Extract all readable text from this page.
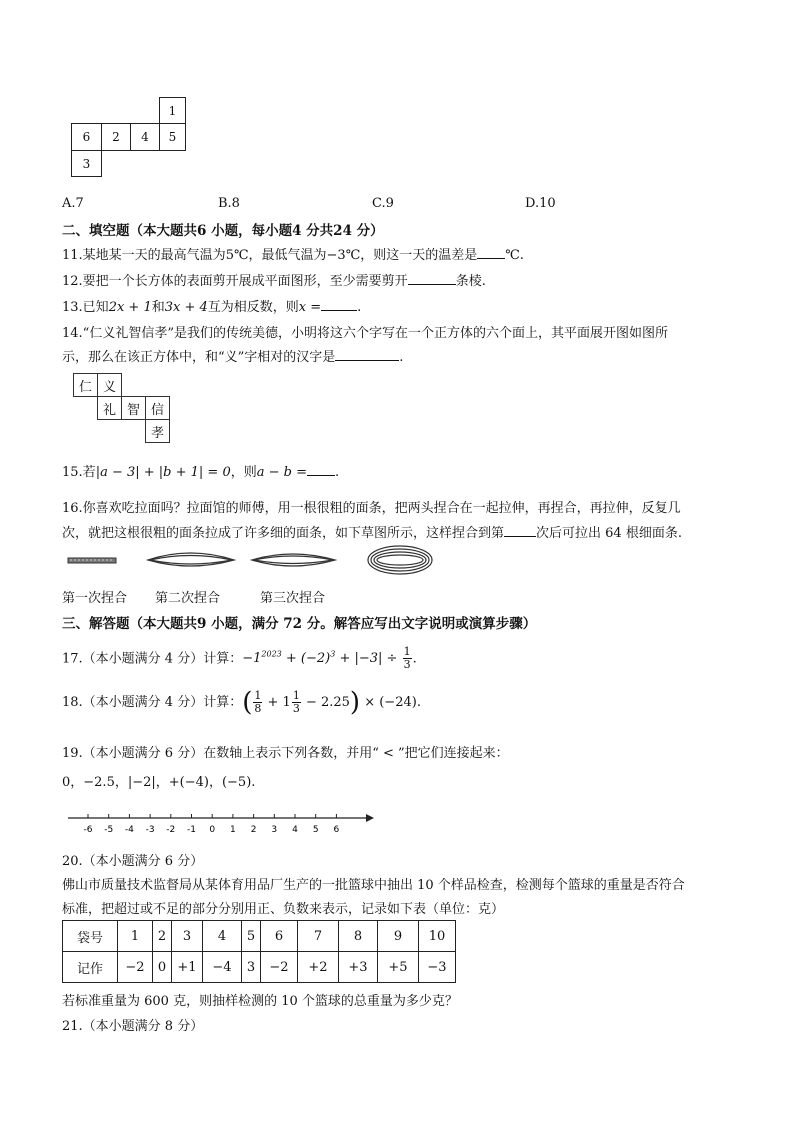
1
6	2	4	5
3
A.7	B.8	C.9	D.10
二、填空题（本大题共6 小题，每小题4 分共24 分）
11.某地某一天的最高气温为5℃，最低气温为−3℃，则这一天的温差是 ℃.
12.要把一个长方体的表面剪开展成平面图形，至少需要剪开	条棱.
13.已知2x + 1和3x + 4互为相反数，则x =	.
14.“仁义礼智信孝”是我们的传统美德，小明将这六个字写在一个正方体的六个面上，其平面展开图如图所
示，那么在该正方体中，和“义”字相对的汉字是	.
仁 义
礼 智 信
孝
15.若|a − 3| + |b + 1| = 0，则a − b = .
16.你喜欢吃拉面吗？拉面馆的师傅，用一根很粗的面条，把两头捏合在一起拉伸，再捏合，再拉伸，反复几
次，就把这根很粗的面条拉成了许多细的面条，如下草图所示，这样捏合到第 次后可拉出 64 根细面条.
第一次捏合 第二次捏合	第三次捏合
三、解答题（本大题共9 小题，满分 72 分。解答应写出文字说明或演算步骤）
17.（本小题满分 4 分）计算：$-1^{2023} + (-2)^3 + |-3| \div \frac{1}{3}$ .
18.（本小题满分 4 分）计算：( $\frac{1}{8} + 1 \frac{1}{3} - 2.25) \times (-24)$.
19.（本小题满分 6 分）在数轴上表示下列各数，并用“ < ”把它们连接起来：
0，−2.5，|−2|，+(−4)，(−5).
-6 -5 -4 -3 -2 -1 0 1 2 3 4 5 6
20.（本小题满分 6 分）
佛山市质量技术监督局从某体育用品厂生产的一批篮球中抽出 10 个样品检查，检测每个篮球的重量是否符合
标准，把超过或不足的部分分别用正、负数来表示，记录如下表（单位：克）
袋号	1	2	3	4	5	6	7	8	9	10
记作	−2	0	+1	−4	3	−2	+2	+3	+5	−3
若标准重量为 600 克，则抽样检测的 10 个篮球的总重量为多少克？
21.（本小题满分 8 分）
